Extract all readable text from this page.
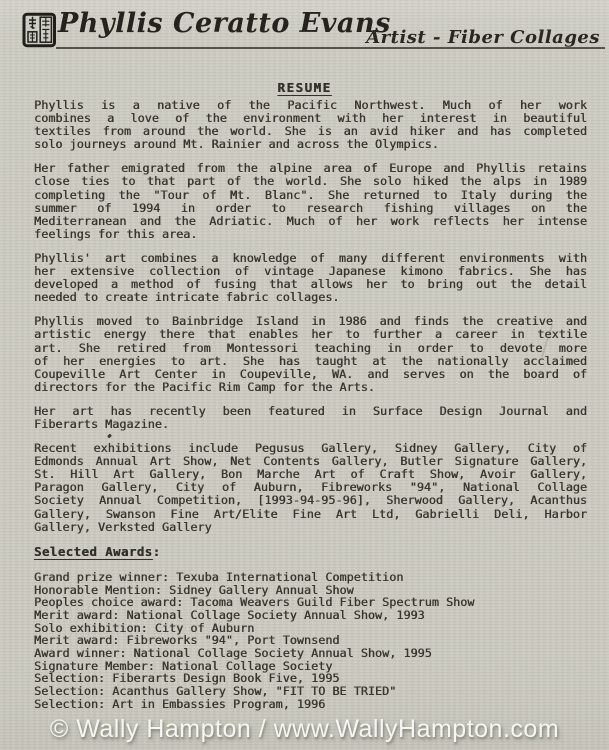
Phyllis Ceratto Evans
Artist - Fiber Collages
RESUME

Phyllis is a native of the Pacific Northwest. Much of her work
combines a love of the environment with her interest in beautiful
textiles from around the world. She is an avid hiker and has completed
solo journeys around Mt. Rainier and across the Olympics.

Her father emigrated from the alpine area of Europe and Phyllis retains
close ties to that part of the world. She solo hiked the alps in 1989
completing the "Tour of Mt. Blanc". She returned to Italy during the
summer of 1994 in order to research fishing villages on the
Mediterranean and the Adriatic. Much of her work reflects her intense
feelings for this area.

Phyllis' art combines a knowledge of many different environments with
her extensive collection of vintage Japanese kimono fabrics. She has
developed a method of fusing that allows her to bring out the detail
needed to create intricate fabric collages.

Phyllis moved to Bainbridge Island in 1986 and finds the creative and
artistic energy there that enables her to further a career in textile
art. She retired from Montessori teaching in order to devote more
of her energies to art. She has taught at the nationally acclaimed
Coupeville Art Center in Coupeville, WA. and serves on the board of
directors for the Pacific Rim Camp for the Arts.

Her art has recently been featured in Surface Design Journal and
Fiberarts Magazine.

Recent exhibitions include Pegusus Gallery, Sidney Gallery, City of
Edmonds Annual Art Show, Net Contents Gallery, Butler Signature Gallery,
St. Hill Art Gallery, Bon Marche Art of Craft Show, Avoir Gallery,
Paragon Gallery, City of Auburn, Fibreworks "94", National Collage
Society Annual Competition, [1993-94-95-96], Sherwood Gallery, Acanthus
Gallery, Swanson Fine Art/Elite Fine Art Ltd, Gabrielli Deli, Harbor
Gallery, Verksted Gallery

Selected Awards:
Grand prize winner: Texuba International Competition
Honorable Mention: Sidney Gallery Annual Show
Peoples choice award: Tacoma Weavers Guild Fiber Spectrum Show
Merit award: National Collage Society Annual Show, 1993
Solo exhibition: City of Auburn
Merit award: Fibreworks "94", Port Townsend
Award winner: National Collage Society Annual Show, 1995
Signature Member: National Collage Society
Selection: Fiberarts Design Book Five, 1995
Selection: Acanthus Gallery Show, "FIT TO BE TRIED"
Selection: Art in Embassies Program, 1996
© Wally Hampton / www.WallyHampton.com
